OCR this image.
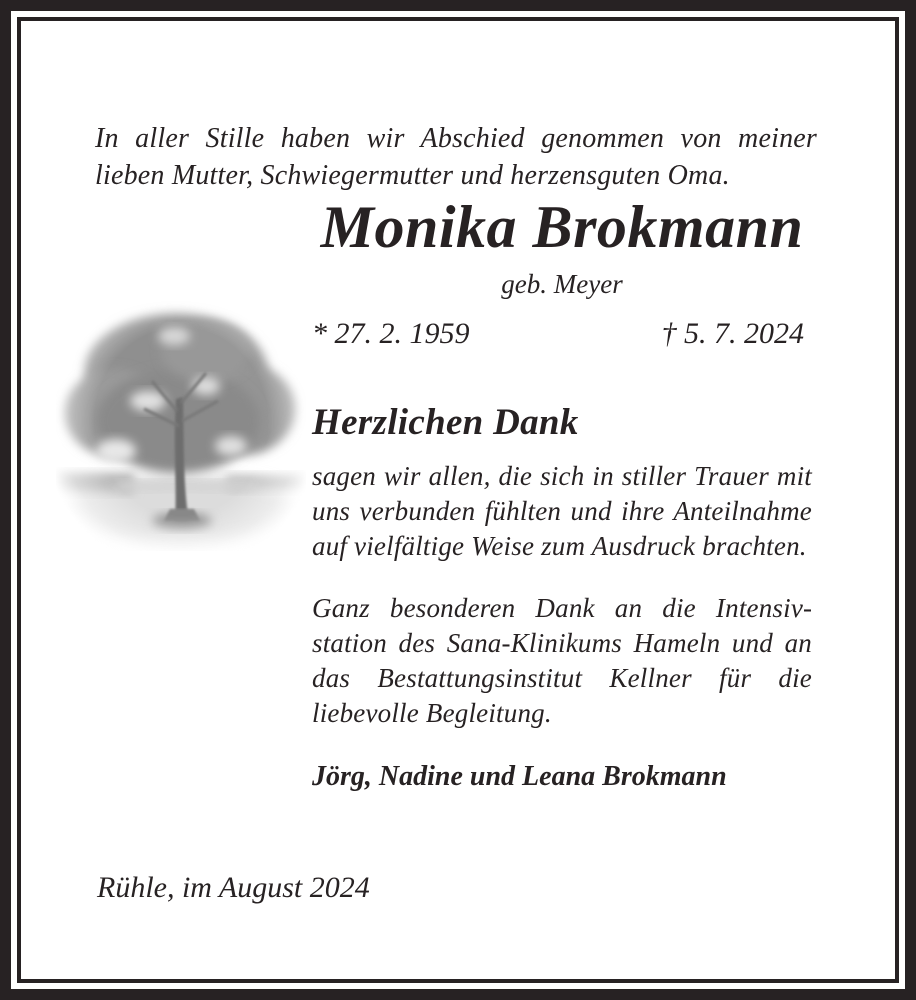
In aller Stille haben wir Abschied genommen von meiner lieben Mutter, Schwiegermutter und herzensguten Oma.

Monika Brokmann
geb. Meyer
* 27. 2. 1959	† 5. 7. 2024
Herzlichen Dank

sagen wir allen, die sich in stiller Trauer mit uns verbunden fühlten und ihre Anteilnahme auf vielfältige Weise zum Ausdruck brachten.

Ganz besonderen Dank an die Intensivstation des Sana-Klinikums Hameln und an das Bestattungsinstitut Kellner für die liebevolle Begleitung.

Jörg, Nadine und Leana Brokmann
Rühle, im August 2024
